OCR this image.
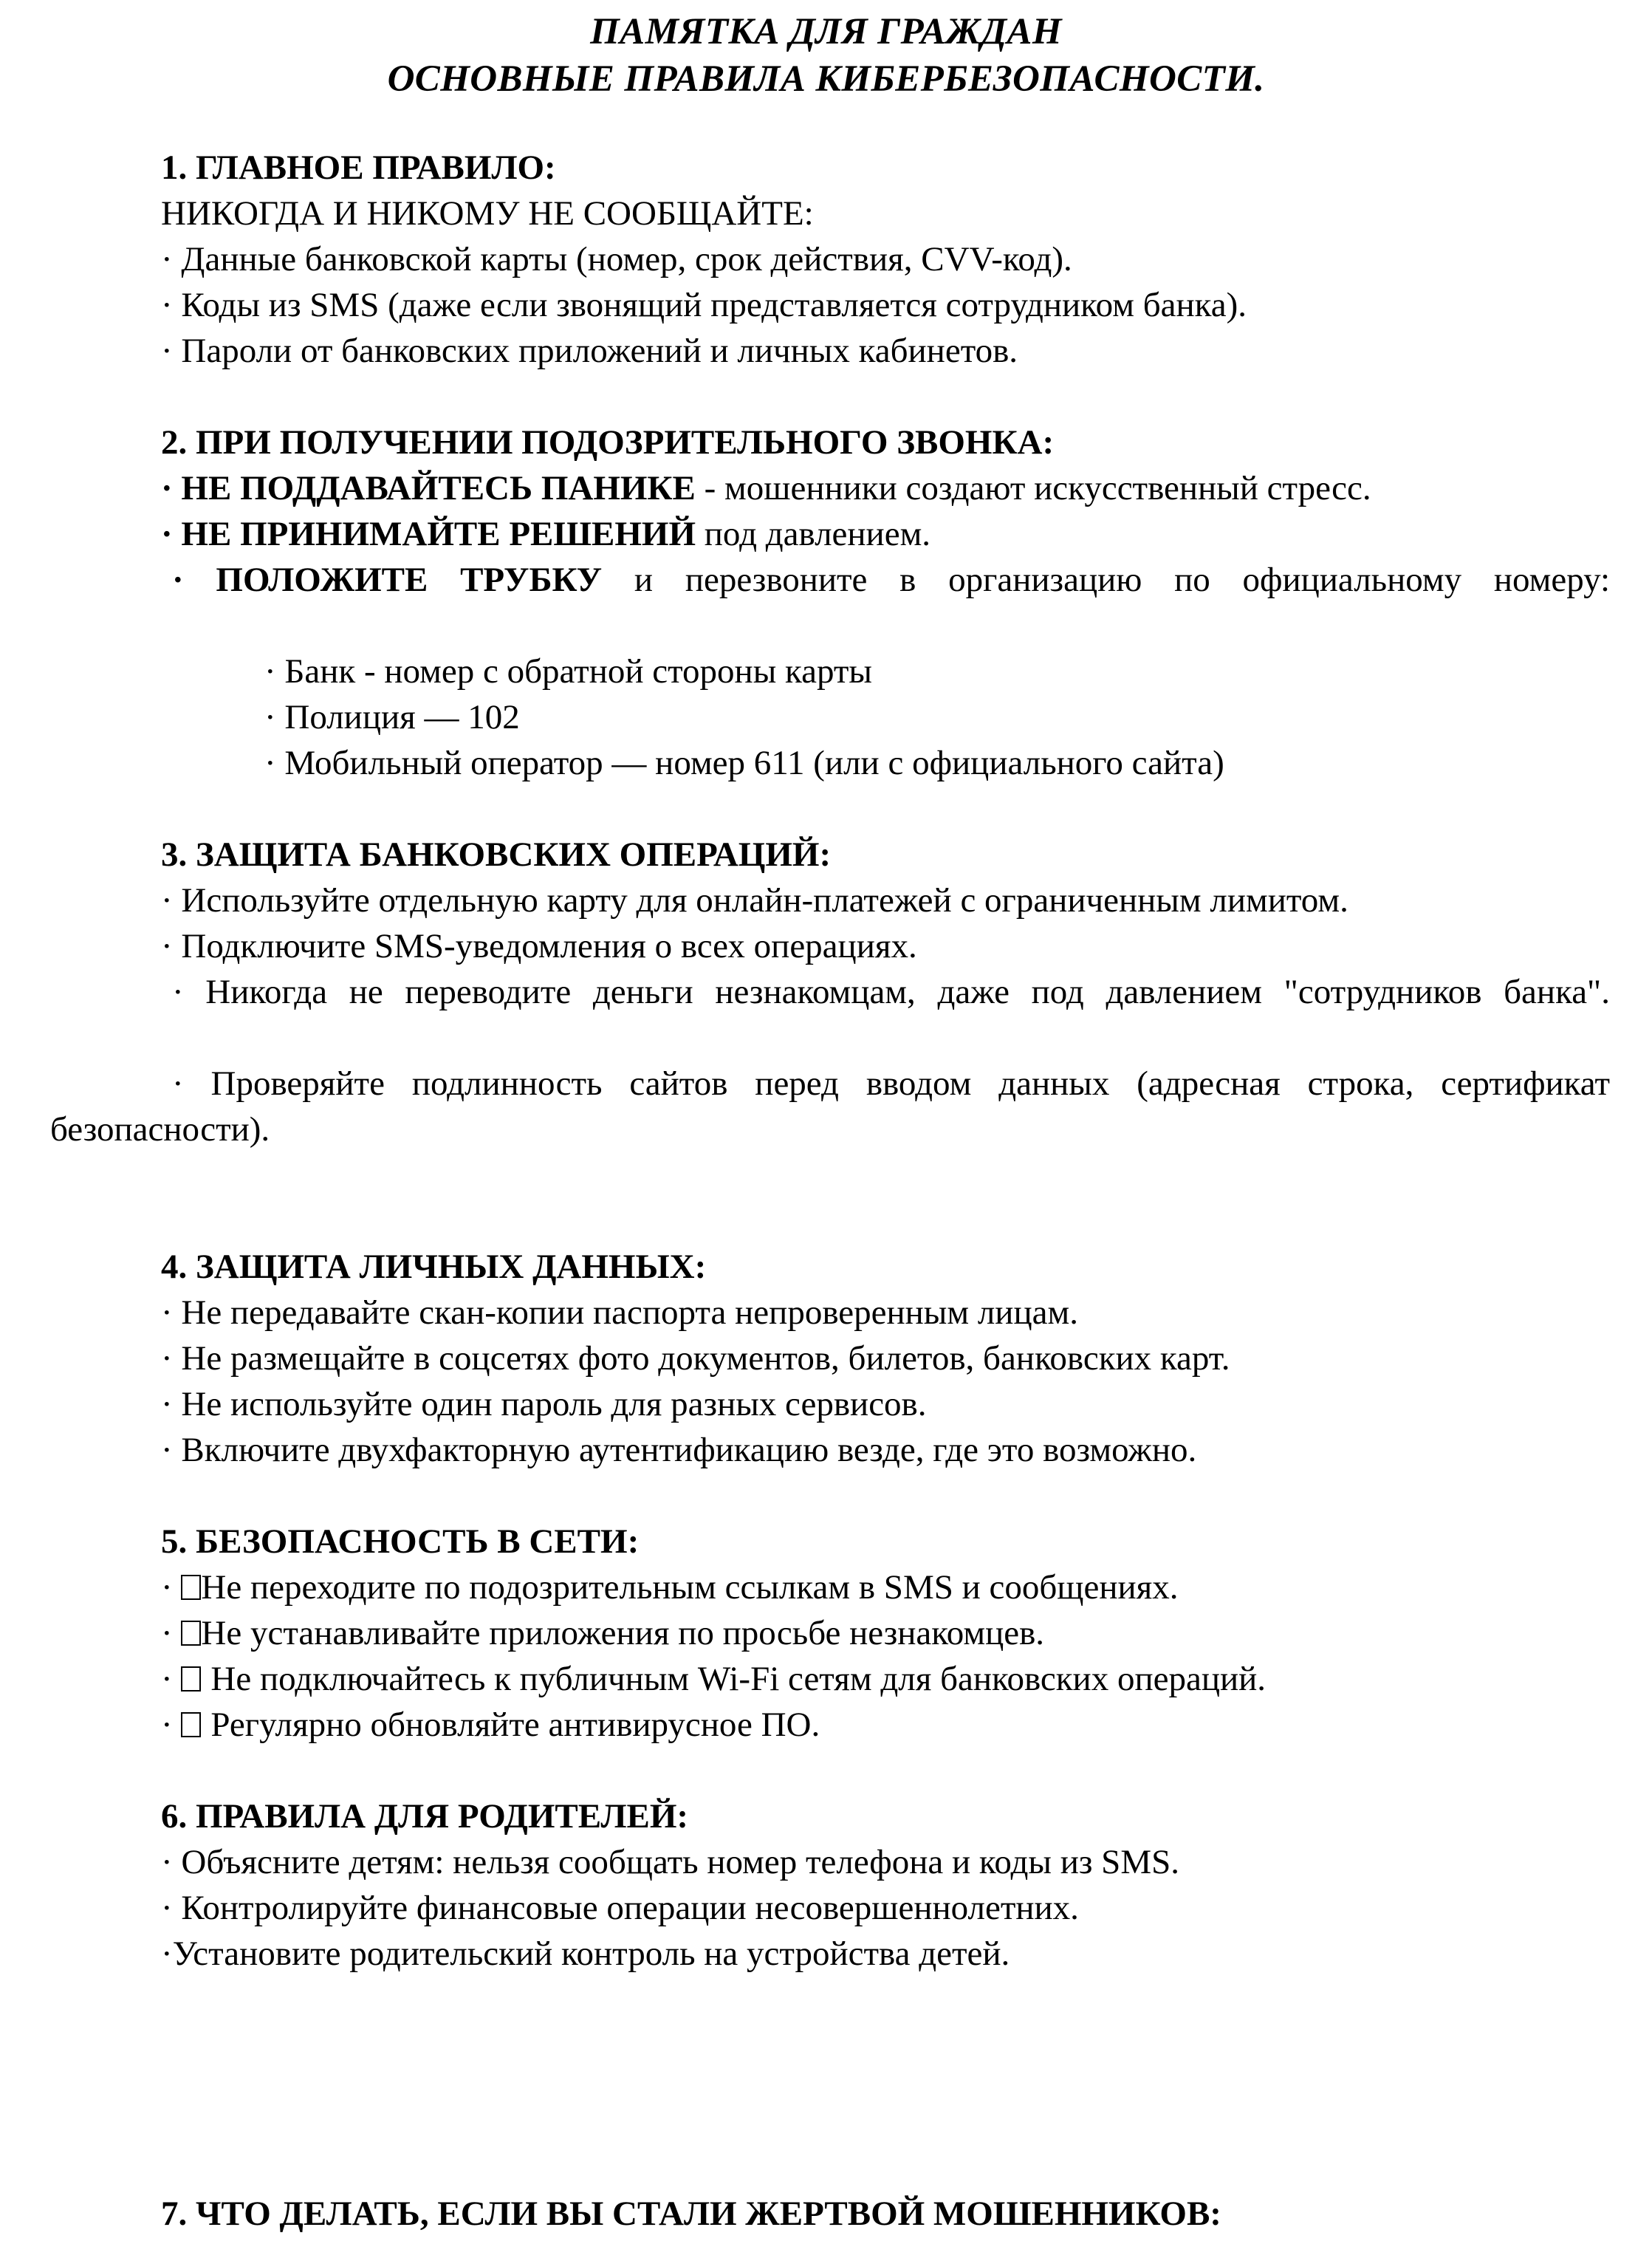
ПАМЯТКА ДЛЯ ГРАЖДАН
ОСНОВНЫЕ ПРАВИЛА КИБЕРБЕЗОПАСНОСТИ.

1. ГЛАВНОЕ ПРАВИЛО:

НИКОГДА И НИКОМУ НЕ СООБЩАЙТЕ:

· Данные банковской карты (номер, срок действия, CVV-код).

· Коды из SMS (даже если звонящий представляется сотрудником банка).

· Пароли от банковских приложений и личных кабинетов.

2. ПРИ ПОЛУЧЕНИИ ПОДОЗРИТЕЛЬНОГО ЗВОНКА:

· НЕ ПОДДАВАЙТЕСЬ ПАНИКЕ - мошенники создают искусственный стресс.

· НЕ ПРИНИМАЙТЕ РЕШЕНИЙ под давлением.

· ПОЛОЖИТЕ ТРУБКУ и перезвоните в организацию по официальному номеру:

· Банк - номер с обратной стороны карты

· Полиция — 102

· Мобильный оператор — номер 611 (или с официального сайта)

3. ЗАЩИТА БАНКОВСКИХ ОПЕРАЦИЙ:

· Используйте отдельную карту для онлайн-платежей с ограниченным лимитом.

· Подключите SMS-уведомления о всех операциях.

· Никогда не переводите деньги незнакомцам, даже под давлением "сотрудников банка".

· Проверяйте подлинность сайтов перед вводом данных (адресная строка, сертификат безопасности).

4. ЗАЩИТА ЛИЧНЫХ ДАННЫХ:

· Не передавайте скан-копии паспорта непроверенным лицам.

· Не размещайте в соцсетях фото документов, билетов, банковских карт.

· Не используйте один пароль для разных сервисов.

· Включите двухфакторную аутентификацию везде, где это возможно.

5. БЕЗОПАСНОСТЬ В СЕТИ:

· Не переходите по подозрительным ссылкам в SMS и сообщениях.

· Не устанавливайте приложения по просьбе незнакомцев.

· Не подключайтесь к публичным Wi-Fi сетям для банковских операций.

· Регулярно обновляйте антивирусное ПО.

6. ПРАВИЛА ДЛЯ РОДИТЕЛЕЙ:

· Объясните детям: нельзя сообщать номер телефона и коды из SMS.

· Контролируйте финансовые операции несовершеннолетних.

·Установите родительский контроль на устройства детей.

7. ЧТО ДЕЛАТЬ, ЕСЛИ ВЫ СТАЛИ ЖЕРТВОЙ МОШЕННИКОВ:
